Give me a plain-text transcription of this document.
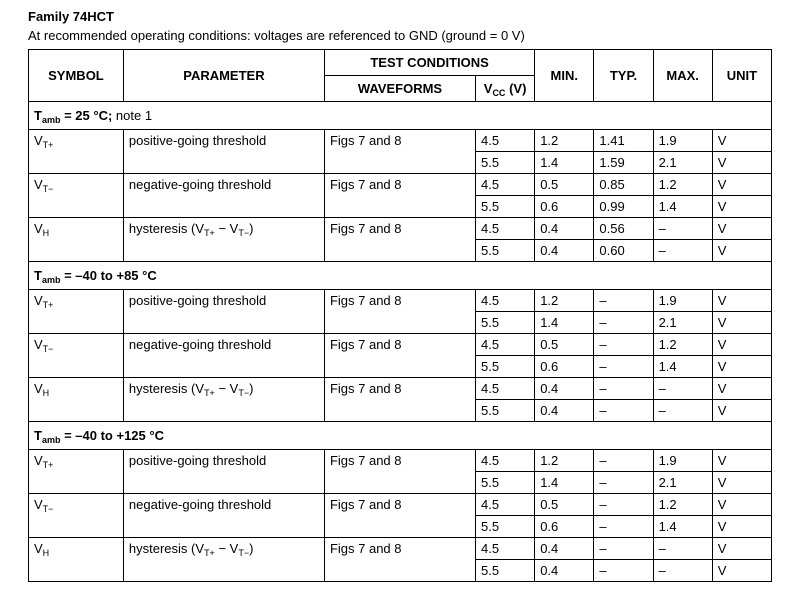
Family 74HCT
At recommended operating conditions: voltages are referenced to GND (ground = 0 V)
SYMBOL	PARAMETER	TEST CONDITIONS		MIN.	TYP.	MAX.	UNIT
		WAVEFORMS	$V_{CC}$ (V)				
$T_{amb} = 25$ °C; note 1							
$V_{T+}$	positive-going threshold	Figs 7 and 8	4.5	1.2	1.41	1.9	V
			5.5	1.4	1.59	2.1	V
$V_{T-}$	negative-going threshold	Figs 7 and 8	4.5	0.5	0.85	1.2	V
			5.5	0.6	0.99	1.4	V
$V_H$	hysteresis $(V_{T+} - V_{T-})$	Figs 7 and 8	4.5	0.4	0.56	–	V
			5.5	0.4	0.60	–	V
$T_{amb} = -40$ to +85 °C							
$V_{T+}$	positive-going threshold	Figs 7 and 8	4.5	1.2	–	1.9	V
			5.5	1.4	–	2.1	V
$V_{T-}$	negative-going threshold	Figs 7 and 8	4.5	0.5	–	1.2	V
			5.5	0.6	–	1.4	V
$V_H$	hysteresis $(V_{T+} - V_{T-})$	Figs 7 and 8	4.5	0.4	–	–	V
			5.5	0.4	–	–	V
$T_{amb} = -40$ to +125 °C							
$V_{T+}$	positive-going threshold	Figs 7 and 8	4.5	1.2	–	1.9	V
			5.5	1.4	–	2.1	V
$V_{T-}$	negative-going threshold	Figs 7 and 8	4.5	0.5	–	1.2	V
			5.5	0.6	–	1.4	V
$V_H$	hysteresis $(V_{T+} - V_{T-})$	Figs 7 and 8	4.5	0.4	–	–	V
			5.5	0.4	–	–	V
